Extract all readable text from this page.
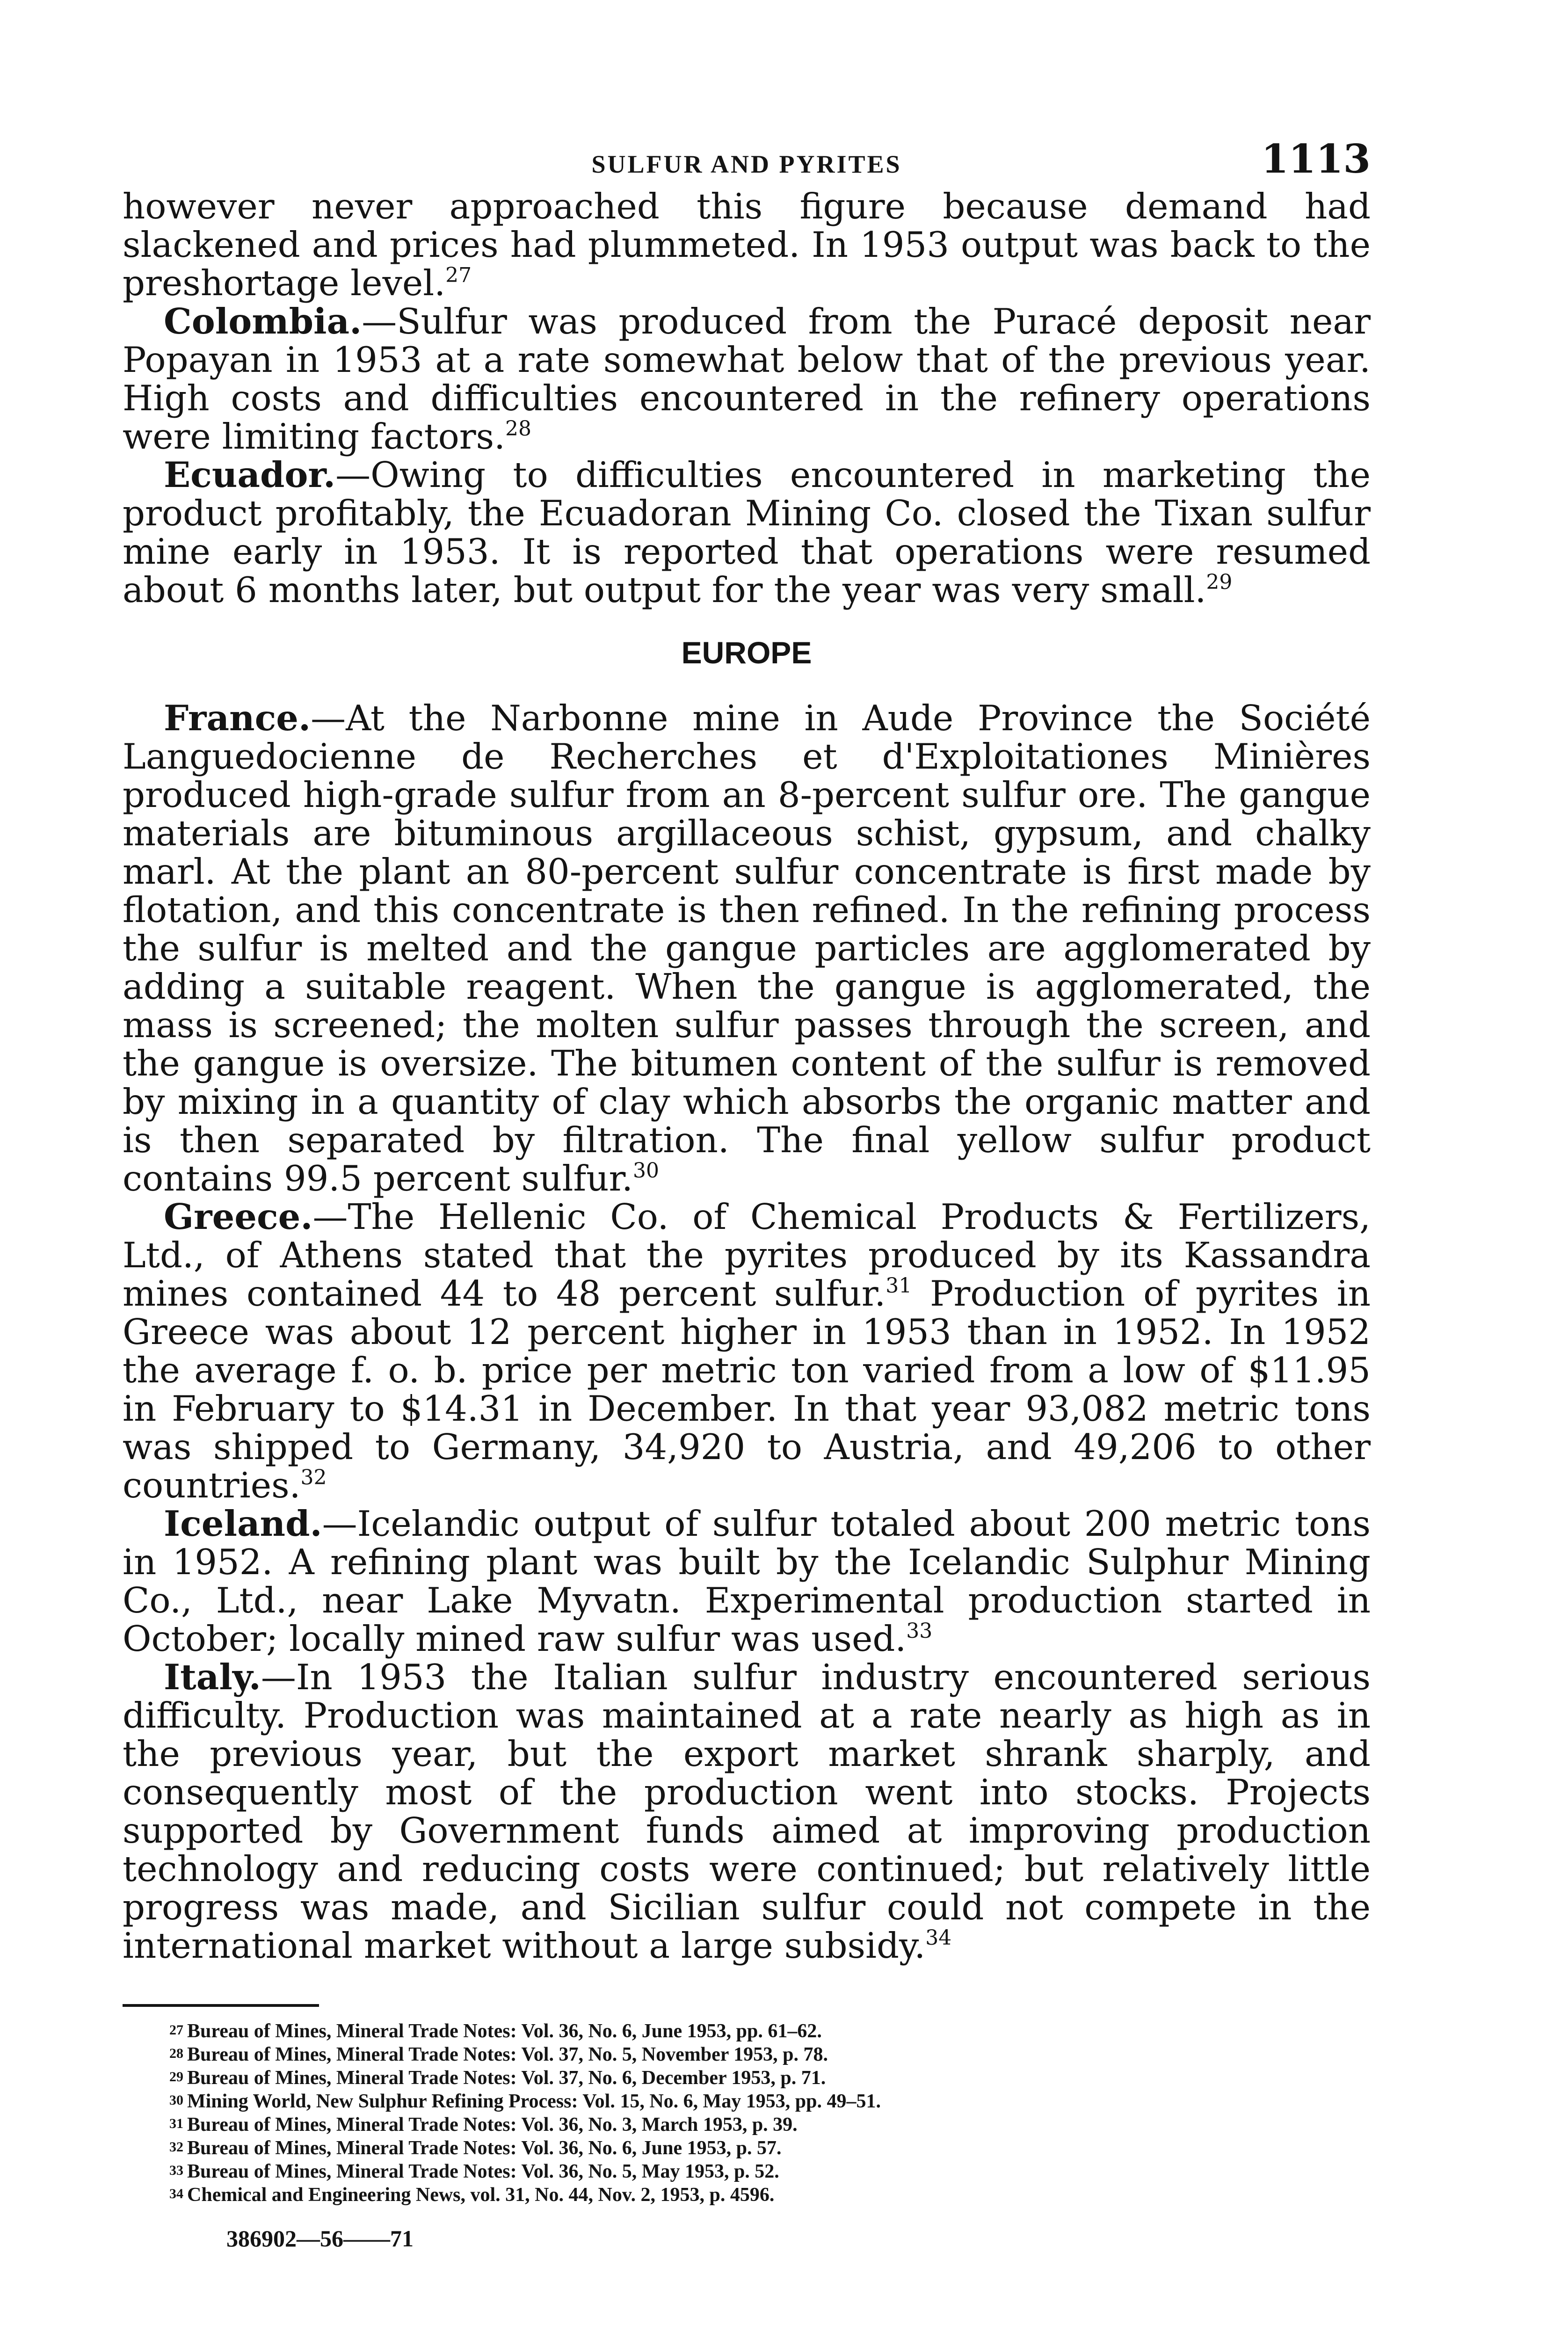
SULFUR AND PYRITES	1113

however never approached this figure because demand had slackened and prices had plummeted. In 1953 output was back to the preshortage level.$^{27}$

Colombia.—Sulfur was produced from the Puracé deposit near Popayan in 1953 at a rate somewhat below that of the previous year. High costs and difficulties encountered in the refinery operations were limiting factors.$^{28}$

Ecuador.—Owing to difficulties encountered in marketing the product profitably, the Ecuadoran Mining Co. closed the Tixan sulfur mine early in 1953. It is reported that operations were resumed about 6 months later, but output for the year was very small.$^{29}$

EUROPE

France.—At the Narbonne mine in Aude Province the Société Languedocienne de Recherches et d'Exploitationes Minières produced high-grade sulfur from an 8-percent sulfur ore. The gangue materials are bituminous argillaceous schist, gypsum, and chalky marl. At the plant an 80-percent sulfur concentrate is first made by flotation, and this concentrate is then refined. In the refining process the sulfur is melted and the gangue particles are agglomerated by adding a suitable reagent. When the gangue is agglomerated, the mass is screened; the molten sulfur passes through the screen, and the gangue is oversize. The bitumen content of the sulfur is removed by mixing in a quantity of clay which absorbs the organic matter and is then separated by filtration. The final yellow sulfur product contains 99.5 percent sulfur.$^{30}$

Greece.—The Hellenic Co. of Chemical Products & Fertilizers, Ltd., of Athens stated that the pyrites produced by its Kassandra mines contained 44 to 48 percent sulfur.$^{31}$ Production of pyrites in Greece was about 12 percent higher in 1953 than in 1952. In 1952 the average f. o. b. price per metric ton varied from a low of $11.95 in February to $14.31 in December. In that year 93,082 metric tons was shipped to Germany, 34,920 to Austria, and 49,206 to other countries.$^{32}$

Iceland.—Icelandic output of sulfur totaled about 200 metric tons in 1952. A refining plant was built by the Icelandic Sulphur Mining Co., Ltd., near Lake Myvatn. Experimental production started in October; locally mined raw sulfur was used.$^{33}$

Italy.—In 1953 the Italian sulfur industry encountered serious difficulty. Production was maintained at a rate nearly as high as in the previous year, but the export market shrank sharply, and consequently most of the production went into stocks. Projects supported by Government funds aimed at improving production technology and reducing costs were continued; but relatively little progress was made, and Sicilian sulfur could not compete in the international market without a large subsidy.$^{34}$

27 Bureau of Mines, Mineral Trade Notes: Vol. 36, No. 6, June 1953, pp. 61–62.

28 Bureau of Mines, Mineral Trade Notes: Vol. 37, No. 5, November 1953, p. 78.

29 Bureau of Mines, Mineral Trade Notes: Vol. 37, No. 6, December 1953, p. 71.

30 Mining World, New Sulphur Refining Process: Vol. 15, No. 6, May 1953, pp. 49–51.

31 Bureau of Mines, Mineral Trade Notes: Vol. 36, No. 3, March 1953, p. 39.

32 Bureau of Mines, Mineral Trade Notes: Vol. 36, No. 6, June 1953, p. 57.

33 Bureau of Mines, Mineral Trade Notes: Vol. 36, No. 5, May 1953, p. 52.

34 Chemical and Engineering News, vol. 31, No. 44, Nov. 2, 1953, p. 4596.

386902—56——71
